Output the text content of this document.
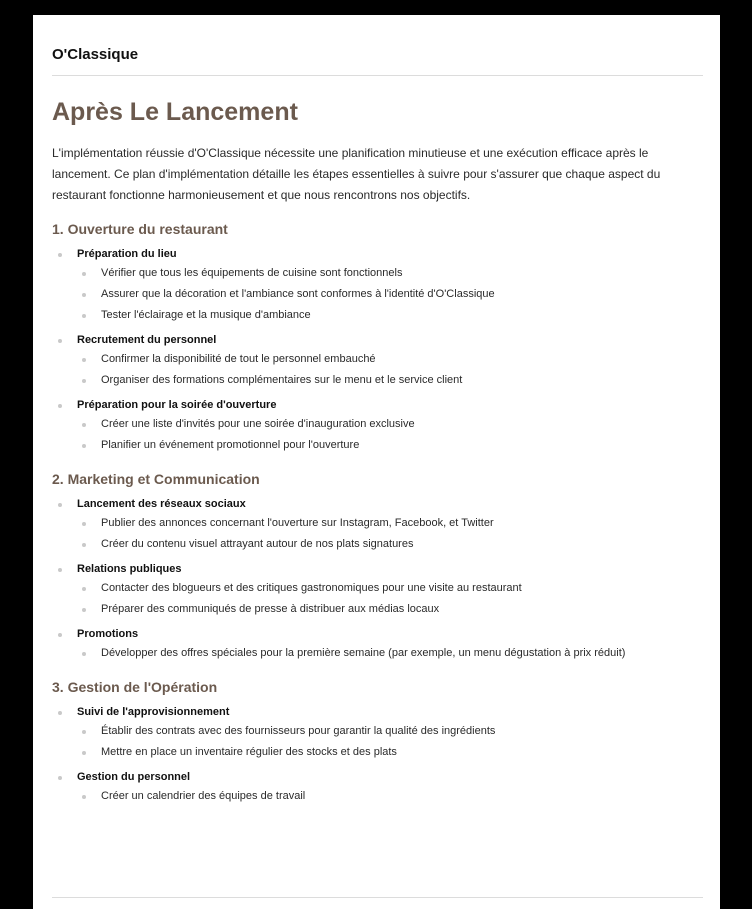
O'Classique
Après Le Lancement

L'implémentation réussie d'O'Classique nécessite une planification minutieuse et une exécution efficace après le lancement. Ce plan d'implémentation détaille les étapes essentielles à suivre pour s'assurer que chaque aspect du restaurant fonctionne harmonieusement et que nous rencontrons nos objectifs.

1. Ouverture du restaurant
Préparation du lieu
Vérifier que tous les équipements de cuisine sont fonctionnels
Assurer que la décoration et l'ambiance sont conformes à l'identité d'O'Classique
Tester l'éclairage et la musique d'ambiance
Recrutement du personnel
Confirmer la disponibilité de tout le personnel embauché
Organiser des formations complémentaires sur le menu et le service client
Préparation pour la soirée d'ouverture
Créer une liste d'invités pour une soirée d'inauguration exclusive
Planifier un événement promotionnel pour l'ouverture
2. Marketing et Communication
Lancement des réseaux sociaux
Publier des annonces concernant l'ouverture sur Instagram, Facebook, et Twitter
Créer du contenu visuel attrayant autour de nos plats signatures
Relations publiques
Contacter des blogueurs et des critiques gastronomiques pour une visite au restaurant
Préparer des communiqués de presse à distribuer aux médias locaux
Promotions
Développer des offres spéciales pour la première semaine (par exemple, un menu dégustation à prix réduit)
3. Gestion de l'Opération
Suivi de l'approvisionnement
Établir des contrats avec des fournisseurs pour garantir la qualité des ingrédients
Mettre en place un inventaire régulier des stocks et des plats
Gestion du personnel
Créer un calendrier des équipes de travail
